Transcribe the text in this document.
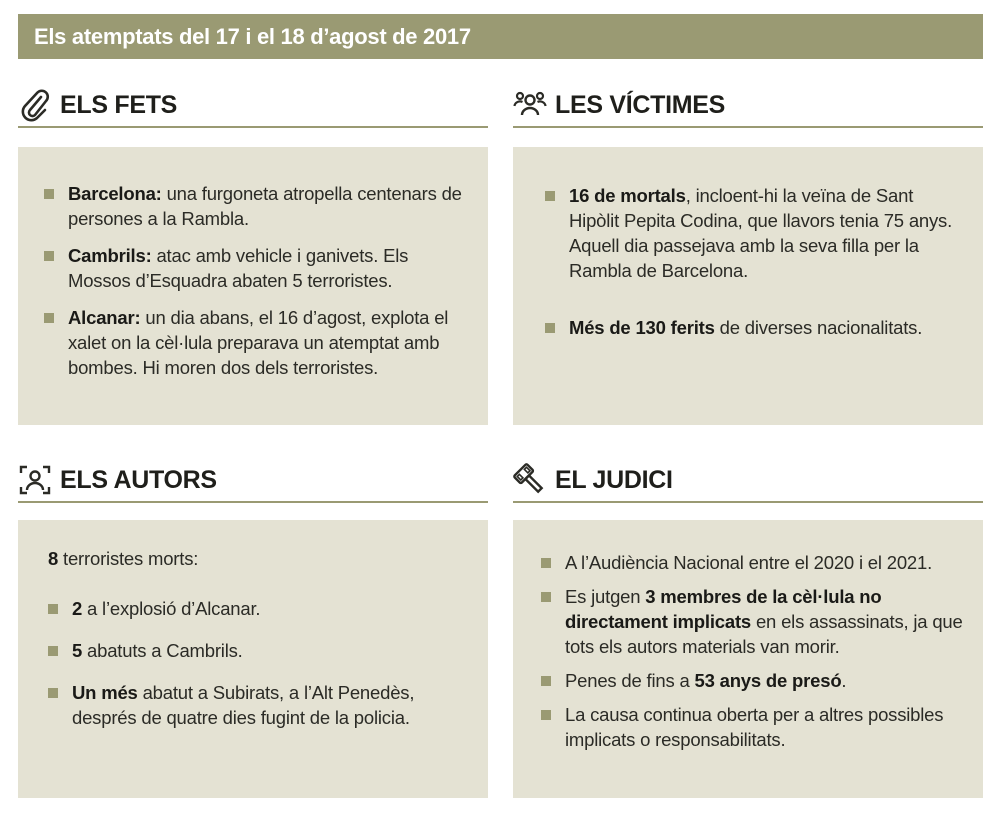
Els atemptats del 17 i el 18 d’agost de 2017
ELS FETS
Barcelona: una furgoneta atropella centenars de persones a la Rambla.
Cambrils: atac amb vehicle i ganivets. Els Mossos d’Esquadra abaten 5 terroristes.
Alcanar: un dia abans, el 16 d’agost, explota el xalet on la cèl·lula preparava un atemptat amb bombes. Hi moren dos dels terroristes.
LES VÍCTIMES
16 de mortals, incloent-hi la veïna de Sant Hipòlit Pepita Codina, que llavors tenia 75 anys. Aquell dia passejava amb la seva filla per la Rambla de Barcelona.
Més de 130 ferits de diverses nacionalitats.
ELS AUTORS
8 terroristes morts:
2 a l’explosió d’Alcanar.
5 abatuts a Cambrils.
Un més abatut a Subirats, a l’Alt Penedès, després de quatre dies fugint de la policia.
EL JUDICI
A l’Audiència Nacional entre el 2020 i el 2021.
Es jutgen 3 membres de la cèl·lula no directament implicats en els assassinats, ja que tots els autors materials van morir.
Penes de fins a 53 anys de presó.
La causa continua oberta per a altres possibles implicats o responsabilitats.
